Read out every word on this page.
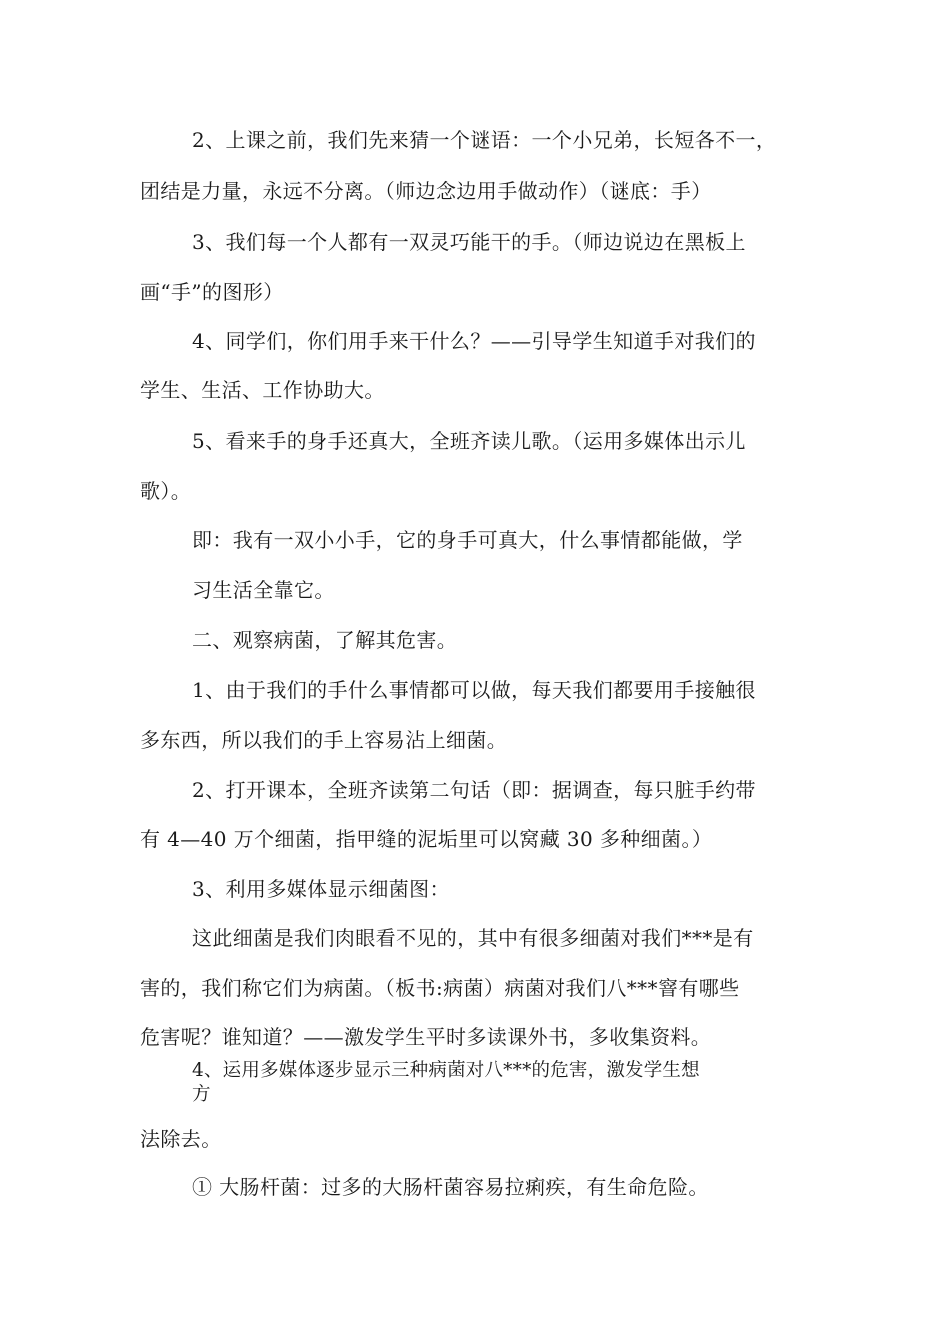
2、上课之前，我们先来猜一个谜语：一个小兄弟，长短各不一，

团结是力量，永远不分离。（师边念边用手做动作）（谜底：手）

3、我们每一个人都有一双灵巧能干的手。（师边说边在黑板上

画“手”的图形）

4、同学们，你们用手来干什么？——引导学生知道手对我们的

学生、生活、工作协助大。

5、看来手的身手还真大，全班齐读儿歌。（运用多媒体出示儿

歌）。

即：我有一双小小手，它的身手可真大，什么事情都能做，学

习生活全靠它。

二、观察病菌，了解其危害。

1、由于我们的手什么事情都可以做，每天我们都要用手接触很

多东西，所以我们的手上容易沾上细菌。

2、打开课本，全班齐读第二句话（即：据调查，每只脏手约带

有 4—40 万个细菌，指甲缝的泥垢里可以窝藏 30 多种细菌。）

3、利用多媒体显示细菌图：

这此细菌是我们肉眼看不见的，其中有很多细菌对我们***是有

害的，我们称它们为病菌。（板书:病菌）病菌对我们八***窨有哪些

危害呢？谁知道？——激发学生平时多读课外书，多收集资料。

4、运用多媒体逐步显示三种病菌对八***的危害，激发学生想

方

法除去。

① 大肠杆菌：过多的大肠杆菌容易拉痢疾，有生命危险。
